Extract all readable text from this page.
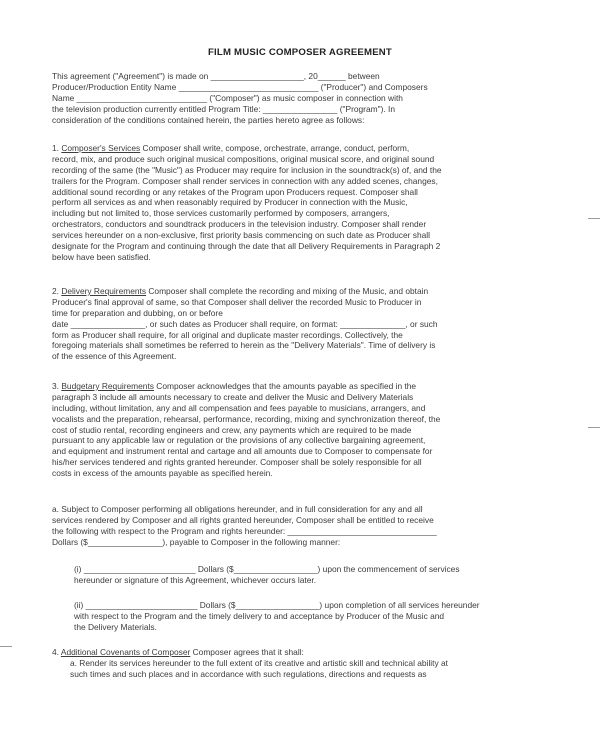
FILM MUSIC COMPOSER AGREEMENT
This agreement ("Agreement") is made on ____________________, 20______ between
Producer/Production Entity Name ______________________________ ("Producer") and Composers
Name ____________________________ ("Composer") as music composer in connection with
the television production currently entitled Program Title: ________________ ("Program"). In
consideration of the conditions contained herein, the parties hereto agree as follows:
1. Composer's Services Composer shall write, compose, orchestrate, arrange, conduct, perform,
record, mix, and produce such original musical compositions, original musical score, and original sound
recording of the same (the "Music") as Producer may require for inclusion in the soundtrack(s) of, and the
trailers for the Program. Composer shall render services in connection with any added scenes, changes,
additional sound recording or any retakes of the Program upon Producers request. Composer shall
perform all services as and when reasonably required by Producer in connection with the Music,
including but not limited to, those services customarily performed by composers, arrangers,
orchestrators, conductors and soundtrack producers in the television industry. Composer shall render
services hereunder on a non-exclusive, first priority basis commencing on such date as Producer shall
designate for the Program and continuing through the date that all Delivery Requirements in Paragraph 2
below have been satisfied.
2. Delivery Requirements Composer shall complete the recording and mixing of the Music, and obtain
Producer's final approval of same, so that Composer shall deliver the recorded Music to Producer in
time for preparation and dubbing, on or before
date ________________, or such dates as Producer shall require, on format: ______________, or such
form as Producer shall require, for all original and duplicate master recordings. Collectively, the
foregoing materials shall sometimes be referred to herein as the "Delivery Materials". Time of delivery is
of the essence of this Agreement.
3. Budgetary Requirements Composer acknowledges that the amounts payable as specified in the
paragraph 3 include all amounts necessary to create and deliver the Music and Delivery Materials
including, without limitation, any and all compensation and fees payable to musicians, arrangers, and
vocalists and the preparation, rehearsal, performance, recording, mixing and synchronization thereof, the
cost of studio rental, recording engineers and crew, any payments which are required to be made
pursuant to any applicable law or regulation or the provisions of any collective bargaining agreement,
and equipment and instrument rental and cartage and all amounts due to Composer to compensate for
his/her services tendered and rights granted hereunder. Composer shall be solely responsible for all
costs in excess of the amounts payable as specified herein.
a. Subject to Composer performing all obligations hereunder, and in full consideration for any and all
services rendered by Composer and all rights granted hereunder, Composer shall be entitled to receive
the following with respect to the Program and rights hereunder: ________________________________
Dollars ($________________), payable to Composer in the following manner:
(i) ________________________ Dollars ($__________________) upon the commencement of services
hereunder or signature of this Agreement, whichever occurs later.
(ii) ________________________ Dollars ($__________________) upon completion of all services hereunder
with respect to the Program and the timely delivery to and acceptance by Producer of the Music and
the Delivery Materials.
4. Additional Covenants of Composer Composer agrees that it shall:
a. Render its services hereunder to the full extent of its creative and artistic skill and technical ability at
such times and such places and in accordance with such regulations, directions and requests as
